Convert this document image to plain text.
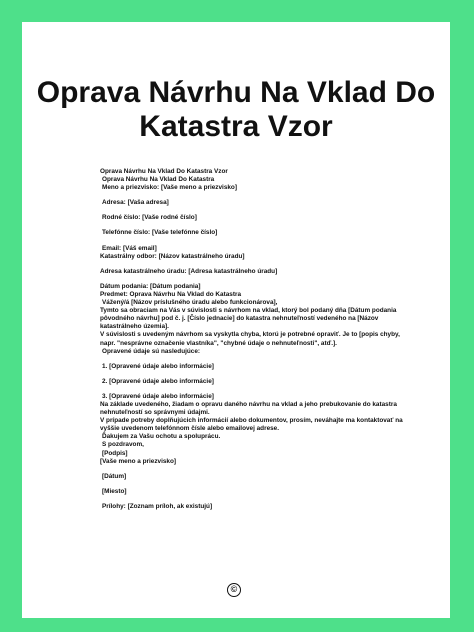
Oprava Návrhu Na Vklad Do Katastra Vzor
Oprava Návrhu Na Vklad Do Katastra Vzor
Oprava Návrhu Na Vklad Do Katastra
Meno a priezvisko: [Vaše meno a priezvisko]
Adresa: [Vaša adresa]
Rodné číslo: [Vaše rodné číslo]
Telefónne číslo: [Vaše telefónne číslo]
Email: [Váš email]
Katastrálny odbor: [Názov katastrálneho úradu]
Adresa katastrálneho úradu: [Adresa katastrálneho úradu]
Dátum podania: [Dátum podania]
Predmet: Oprava Návrhu Na Vklad do Katastra
Vážený/á [Názov príslušného úradu alebo funkcionárova],
Tymto sa obraciam na Vás v súvislosti s návrhom na vklad, ktorý bol podaný dňa [Dátum podania pôvodného návrhu] pod č. j. [Číslo jednacie] do katastra nehnuteľností vedeného na [Názov katastrálneho územia].
V súvislosti s uvedeným návrhom sa vyskytla chyba, ktorú je potrebné opraviť. Je to [popis chyby, napr. "nesprávne označenie vlastníka", "chybné údaje o nehnuteľnosti", atď.].
Opravené údaje sú nasledujúce:
1. [Opravené údaje alebo informácie]
2. [Opravené údaje alebo informácie]
3. [Opravené údaje alebo informácie]
Na základe uvedeného, žiadam o opravu daného návrhu na vklad a jeho prebukovanie do katastra nehnuteľností so správnymi údajmi.
V prípade potreby doplňujúcich informácií alebo dokumentov, prosím, neváhajte ma kontaktovať na vyššie uvedenom telefónnom čísle alebo emailovej adrese.
Ďakujem za Vašu ochotu a spoluprácu.
S pozdravom,
[Podpis]
[Vaše meno a priezvisko]
[Dátum]
[Miesto]
Prílohy: [Zoznam príloh, ak existujú]
©
